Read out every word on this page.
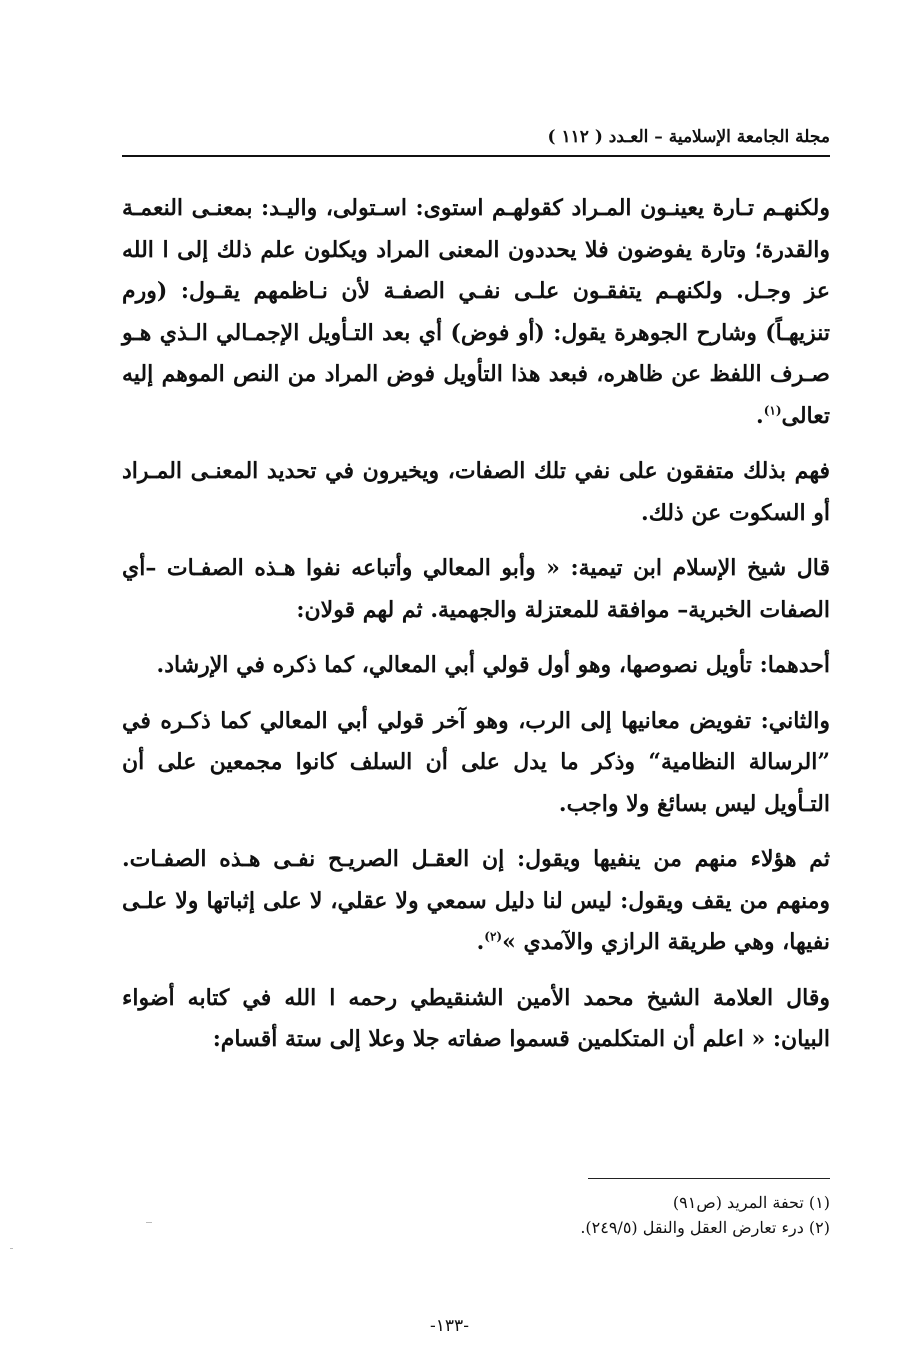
مجلة الجامعة الإسلامية – العـدد ( ١١٢ )

ولكنهـم تـارة يعينـون المـراد كقولهـم استوى: اسـتولى، واليـد: بمعنـى النعمـة والقدرة؛ وتارة يفوضون فلا يحددون المعنى المراد ويكلون علم ذلك إلى ا الله عز وجـل. ولكنهـم يتفقـون علـى نفـي الصفـة لأن نـاظمهم يقـول: (ورم تنزيهـاً) وشارح الجوهرة يقول: (أو فوض) أي بعد التـأويل الإجمـالي الـذي هـو صـرف اللفظ عن ظاهره، فبعد هذا التأويل فوض المراد من النص الموهم إليه تعالى$^{(١)}$.

فهم بذلك متفقون على نفي تلك الصفات، ويخيرون في تحديد المعنـى المـراد أو السكوت عن ذلك.

قال شيخ الإسلام ابن تيمية: « وأبو المعالي وأتباعه نفوا هـذه الصفـات –أي الصفات الخبرية– موافقة للمعتزلة والجهمية. ثم لهم قولان:

أحدهما: تأويل نصوصها، وهو أول قولي أبي المعالي، كما ذكره في الإرشاد.

والثاني: تفويض معانيها إلى الرب، وهو آخر قولي أبي المعالي كما ذكـره في ”الرسالة النظامية“ وذكر ما يدل على أن السلف كانوا مجمعين على أن التـأويل ليس بسائغ ولا واجب.

ثم هؤلاء منهم من ينفيها ويقول: إن العقـل الصريـح نفـى هـذه الصفـات. ومنهم من يقف ويقول: ليس لنا دليل سمعي ولا عقلي، لا على إثباتها ولا علـى نفيها، وهي طريقة الرازي والآمدي »$^{(٢)}$.

وقال العلامة الشيخ محمد الأمين الشنقيطي رحمه ا الله في كتابه أضواء البيان: « اعلم أن المتكلمين قسموا صفاته جلا وعلا إلى ستة أقسام:

(١) تحفة المريد (ص٩١)

(٢) درء تعارض العقل والنقل (٢٤٩/٥).

-١٣٣-
